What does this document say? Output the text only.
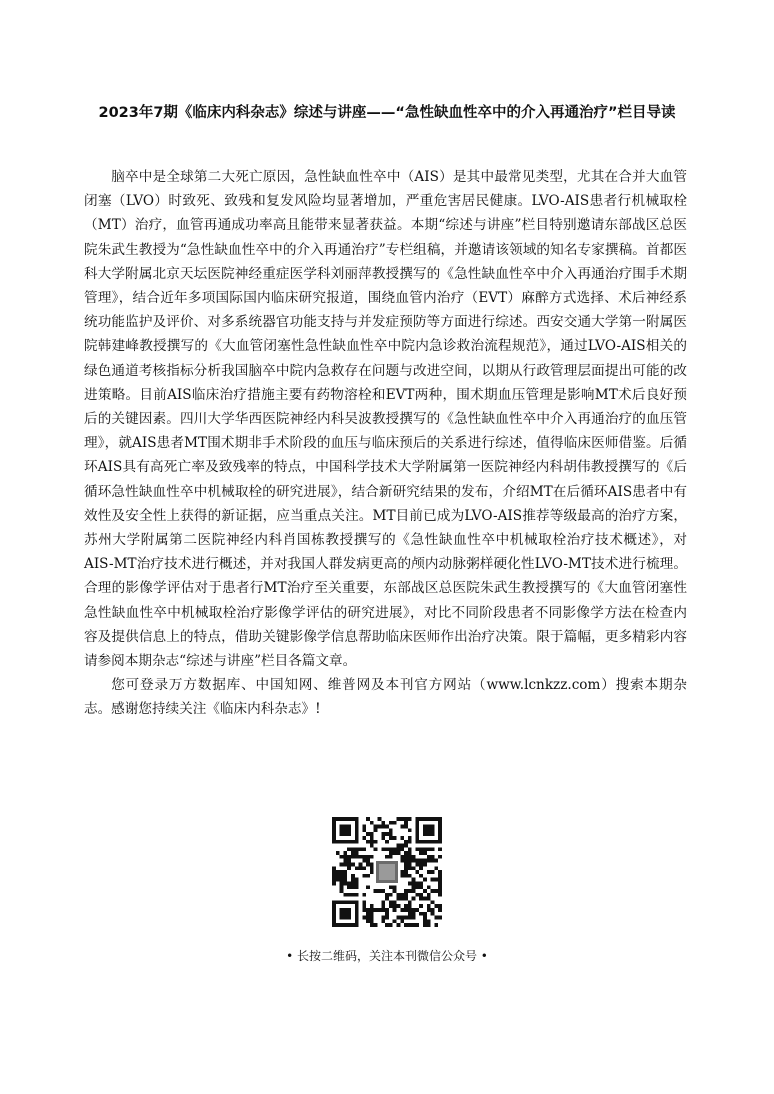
2023年7期《临床内科杂志》综述与讲座——“急性缺血性卒中的介入再通治疗”栏目导读

脑卒中是全球第二大死亡原因，急性缺血性卒中（AIS）是其中最常见类型，尤其在合并大血管闭塞（LVO）时致死、致残和复发风险均显著增加，严重危害居民健康。LVO-AIS患者行机械取栓（MT）治疗，血管再通成功率高且能带来显著获益。本期“综述与讲座”栏目特别邀请东部战区总医院朱武生教授为“急性缺血性卒中的介入再通治疗”专栏组稿，并邀请该领域的知名专家撰稿。首都医科大学附属北京天坛医院神经重症医学科刘丽萍教授撰写的《急性缺血性卒中介入再通治疗围手术期管理》，结合近年多项国际国内临床研究报道，围绕血管内治疗（EVT）麻醉方式选择、术后神经系统功能监护及评价、对多系统器官功能支持与并发症预防等方面进行综述。西安交通大学第一附属医院韩建峰教授撰写的《大血管闭塞性急性缺血性卒中院内急诊救治流程规范》，通过LVO-AIS相关的绿色通道考核指标分析我国脑卒中院内急救存在问题与改进空间，以期从行政管理层面提出可能的改进策略。目前AIS临床治疗措施主要有药物溶栓和EVT两种，围术期血压管理是影响MT术后良好预后的关键因素。四川大学华西医院神经内科吴波教授撰写的《急性缺血性卒中介入再通治疗的血压管理》，就AIS患者MT围术期非手术阶段的血压与临床预后的关系进行综述，值得临床医师借鉴。后循环AIS具有高死亡率及致残率的特点，中国科学技术大学附属第一医院神经内科胡伟教授撰写的《后循环急性缺血性卒中机械取栓的研究进展》，结合新研究结果的发布，介绍MT在后循环AIS患者中有效性及安全性上获得的新证据，应当重点关注。MT目前已成为LVO-AIS推荐等级最高的治疗方案，苏州大学附属第二医院神经内科肖国栋教授撰写的《急性缺血性卒中机械取栓治疗技术概述》，对AIS-MT治疗技术进行概述，并对我国人群发病更高的颅内动脉粥样硬化性LVO-MT技术进行梳理。合理的影像学评估对于患者行MT治疗至关重要，东部战区总医院朱武生教授撰写的《大血管闭塞性急性缺血性卒中机械取栓治疗影像学评估的研究进展》，对比不同阶段患者不同影像学方法在检查内容及提供信息上的特点，借助关键影像学信息帮助临床医师作出治疗决策。限于篇幅，更多精彩内容请参阅本期杂志“综述与讲座”栏目各篇文章。

您可登录万方数据库、中国知网、维普网及本刊官方网站（www.lcnkzz.com）搜索本期杂志。感谢您持续关注《临床内科杂志》!

• 长按二维码，关注本刊微信公众号 •
